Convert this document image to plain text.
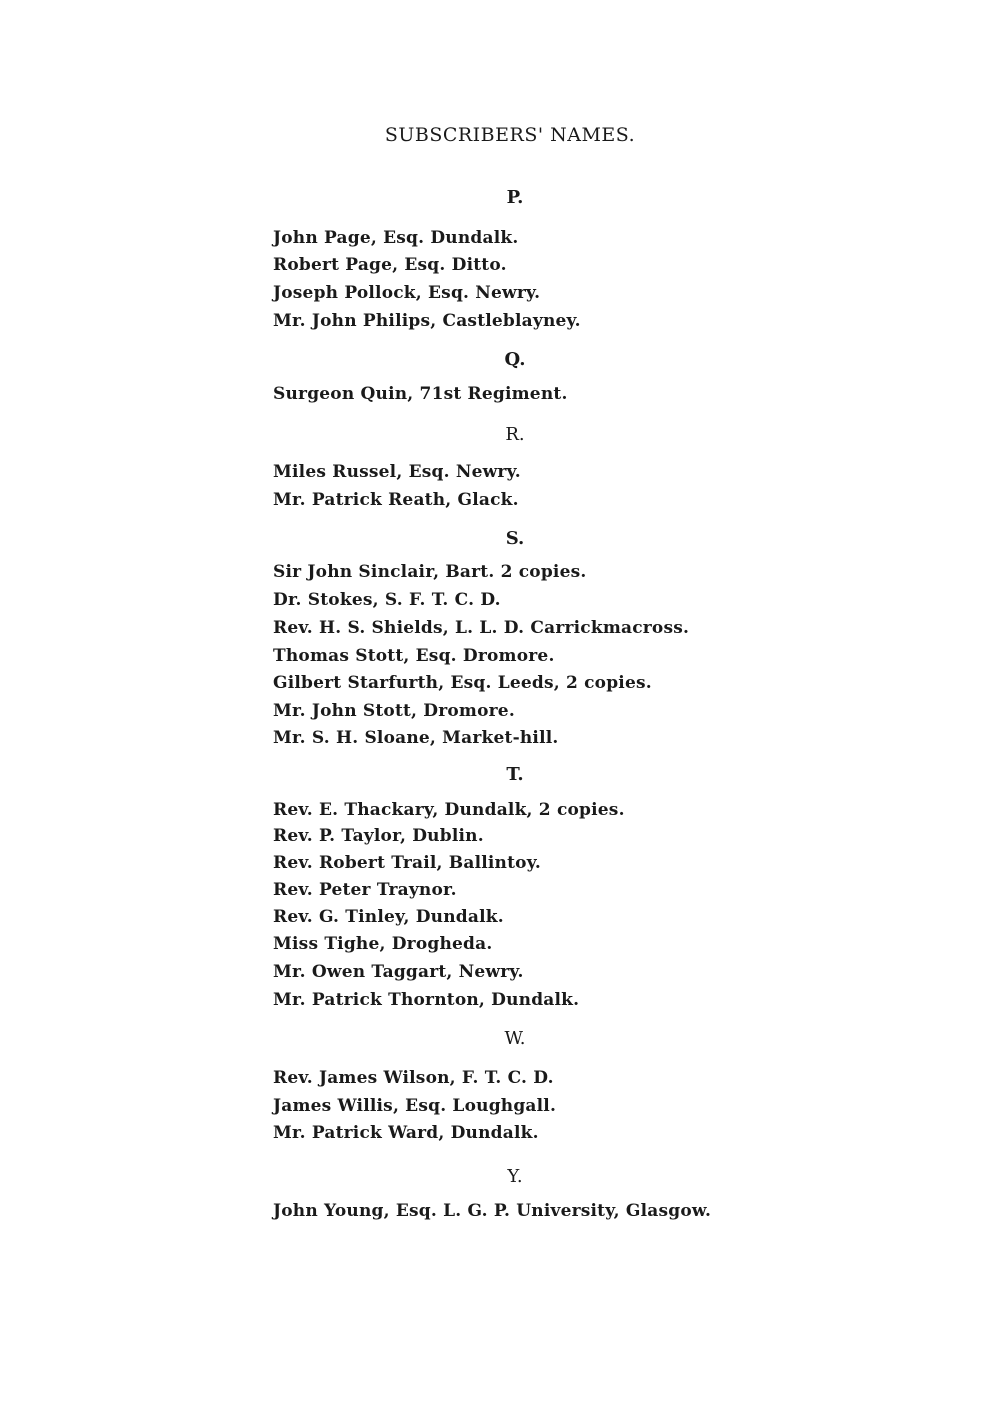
SUBSCRIBERS' NAMES.
P.
John Page, Esq. Dundalk.
Robert Page, Esq. Ditto.
Joseph Pollock, Esq. Newry.
Mr. John Philips, Castleblayney.
Q.
Surgeon Quin, 71st Regiment.
R.
Miles Russel, Esq. Newry.
Mr. Patrick Reath, Glack.
S.
Sir John Sinclair, Bart. 2 copies.
Dr. Stokes, S. F. T. C. D.
Rev. H. S. Shields, L. L. D. Carrickmacross.
Thomas Stott, Esq. Dromore.
Gilbert Starfurth, Esq. Leeds, 2 copies.
Mr. John Stott, Dromore.
Mr. S. H. Sloane, Market-hill.
T.
Rev. E. Thackary, Dundalk, 2 copies.
Rev. P. Taylor, Dublin.
Rev. Robert Trail, Ballintoy.
Rev. Peter Traynor.
Rev. G. Tinley, Dundalk.
Miss Tighe, Drogheda.
Mr. Owen Taggart, Newry.
Mr. Patrick Thornton, Dundalk.
W.
Rev. James Wilson, F. T. C. D.
James Willis, Esq. Loughgall.
Mr. Patrick Ward, Dundalk.
Y.
John Young, Esq. L. G. P. University, Glasgow.
